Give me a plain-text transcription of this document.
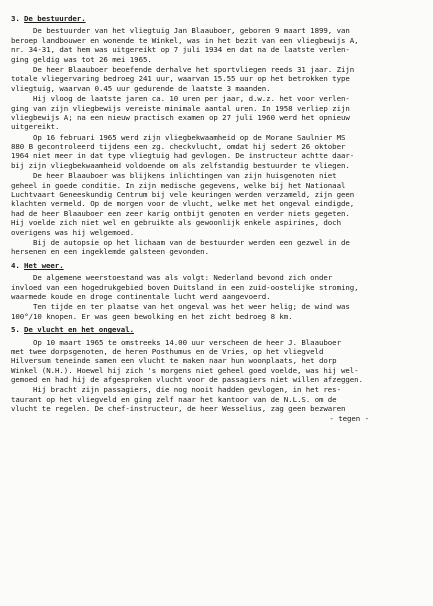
3. De bestuurder.
De bestuurder van het vliegtuig Jan Blaauboer, geboren 9 maart 1899, van
beroep landbouwer en wonende te Winkel, was in het bezit van een vliegbewijs A,
nr. 34-31, dat hem was uitgereikt op 7 juli 1934 en dat na de laatste verlen-
ging geldig was tot 26 mei 1965.
De heer Blaauboer beoefende derhalve het sportvliegen reeds 31 jaar. Zijn
totale vliegervaring bedroeg 241 uur, waarvan 15.55 uur op het betrokken type
vliegtuig, waarvan 0.45 uur gedurende de laatste 3 maanden.
Hij vloog de laatste jaren ca. 10 uren per jaar, d.w.z. het voor verlen-
ging van zijn vliegbewijs vereiste minimale aantal uren. In 1958 verliep zijn
vliegbewijs A; na een nieuw practisch examen op 27 juli 1960 werd het opnieuw
uitgereikt.
Op 16 februari 1965 werd zijn vliegbekwaamheid op de Morane Saulnier MS
880 B gecontroleerd tijdens een zg. checkvlucht, omdat hij sedert 26 oktober
1964 niet meer in dat type vliegtuig had gevlogen. De instructeur achtte daar-
bij zijn vliegbekwaamheid voldoende om als zelfstandig bestuurder te vliegen.
De heer Blaauboer was blijkens inlichtingen van zijn huisgenoten niet
geheel in goede conditie. In zijn medische gegevens, welke bij het Nationaal
Luchtvaart Geneeskundig Centrum bij vele keuringen werden verzameld, zijn geen
klachten vermeld. Op de morgen voor de vlucht, welke met het ongeval eindigde,
had de heer Blaauboer een zeer karig ontbijt genoten en verder niets gegeten.
Hij voelde zich niet wel en gebruikte als gewoonlijk enkele aspirines, doch
overigens was hij welgemoed.
Bij de autopsie op het lichaam van de bestuurder werden een gezwel in de
hersenen en een ingeklemde galsteen gevonden.
4. Het weer.
De algemene weerstoestand was als volgt: Nederland bevond zich onder
invloed van een hogedrukgebied boven Duitsland in een zuid-oostelijke stroming,
waarmede koude en droge continentale lucht werd aangevoerd.
Ten tijde en ter plaatse van het ongeval was het weer helig; de wind was
100°/10 knopen. Er was geen bewolking en het zicht bedroeg 8 km.
5. De vlucht en het ongeval.
Op 10 maart 1965 te omstreeks 14.00 uur verscheen de heer J. Blaauboer
met twee dorpsgenoten, de heren Posthumus en de Vries, op het vliegveld
Hilversum teneinde samen een vlucht te maken naar hun woonplaats, het dorp
Winkel (N.H.). Hoewel hij zich 's morgens niet geheel goed voelde, was hij wel-
gemoed en had hij de afgesproken vlucht voor de passagiers niet willen afzeggen.
Hij bracht zijn passagiers, die nog nooit hadden gevlogen, in het res-
taurant op het vliegveld en ging zelf naar het kantoor van de N.L.S. om de
vlucht te regelen. De chef-instructeur, de heer Wesselius, zag geen bezwaren
- tegen -
